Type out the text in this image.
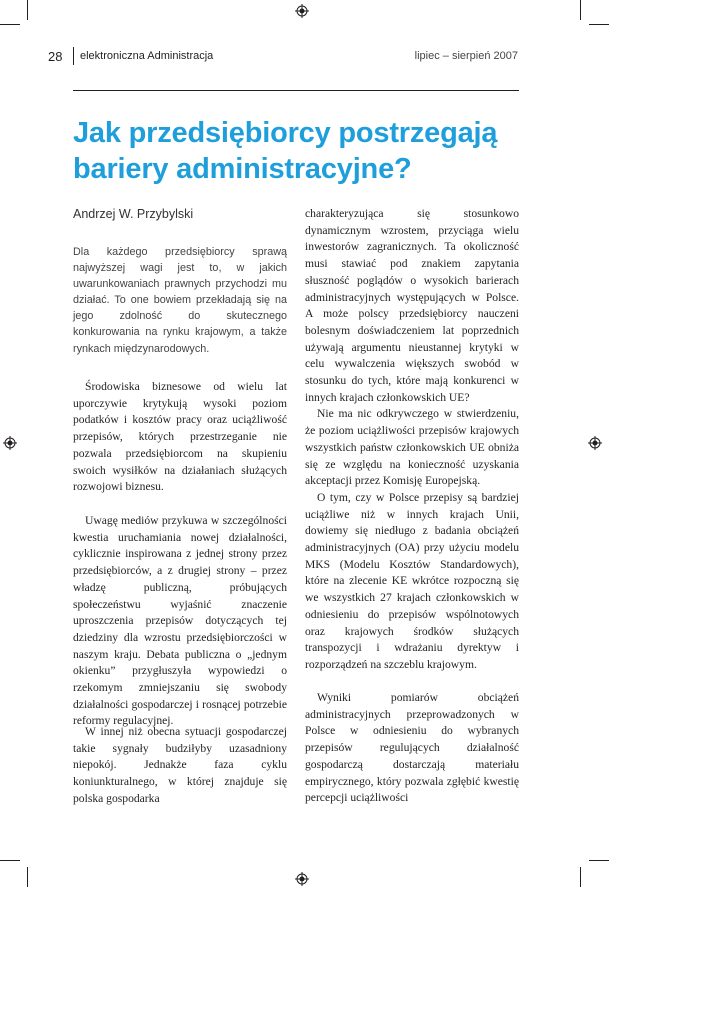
28 elektroniczna Administracja	lipiec – sierpień 2007
Jak przedsiębiorcy postrzegają bariery administracyjne?
Andrzej W. Przybylski
Dla każdego przedsiębiorcy sprawą najwyższej wagi jest to, w jakich uwarunkowaniach prawnych przychodzi mu działać. To one bowiem przekładają się na jego zdolność do skutecznego konkurowania na rynku krajowym, a także rynkach międzynarodowych.

Środowiska biznesowe od wielu lat uporczywie krytykują wysoki poziom podatków i kosztów pracy oraz uciążliwość przepisów, których przestrzeganie nie pozwala przedsiębiorcom na skupieniu swoich wysiłków na działaniach służących rozwojowi biznesu.

Uwagę mediów przykuwa w szczególności kwestia uruchamiania nowej działalności, cyklicznie inspirowana z jednej strony przez przedsiębiorców, a z drugiej strony – przez władzę publiczną, próbujących społeczeństwu wyjaśnić znaczenie uproszczenia przepisów dotyczących tej dziedziny dla wzrostu przedsiębiorczości w naszym kraju. Debata publiczna o „jednym okienku” przygłuszyła wypowiedzi o rzekomym zmniejszaniu się swobody działalności gospodarczej i rosnącej potrzebie reformy regulacyjnej.

W innej niż obecna sytuacji gospodarczej takie sygnały budziłyby uzasadniony niepokój. Jednakże faza cyklu koniunkturalnego, w której znajduje się polska gospodarka

charakteryzująca się stosunkowo dynamicznym wzrostem, przyciąga wielu inwestorów zagranicznych. Ta okoliczność musi stawiać pod znakiem zapytania słuszność poglądów o wysokich barierach administracyjnych występujących w Polsce. A może polscy przedsiębiorcy nauczeni bolesnym doświadczeniem lat poprzednich używają argumentu nieustannej krytyki w celu wywalczenia większych swobód w stosunku do tych, które mają konkurenci w innych krajach członkowskich UE?

Nie ma nic odkrywczego w stwierdzeniu, że poziom uciążliwości przepisów krajowych wszystkich państw członkowskich UE obniża się ze względu na konieczność uzyskania akceptacji przez Komisję Europejską.

O tym, czy w Polsce przepisy są bardziej uciążliwe niż w innych krajach Unii, dowiemy się niedługo z badania obciążeń administracyjnych (OA) przy użyciu modelu MKS (Modelu Kosztów Standardowych), które na zlecenie KE wkrótce rozpoczną się we wszystkich 27 krajach członkowskich w odniesieniu do przepisów wspólnotowych oraz krajowych środków służących transpozycji i wdrażaniu dyrektyw i rozporządzeń na szczeblu krajowym.

Wyniki pomiarów obciążeń administracyjnych przeprowadzonych w Polsce w odniesieniu do wybranych przepisów regulujących działalność gospodarczą dostarczają materiału empirycznego, który pozwala zgłębić kwestię percepcji uciążliwości
